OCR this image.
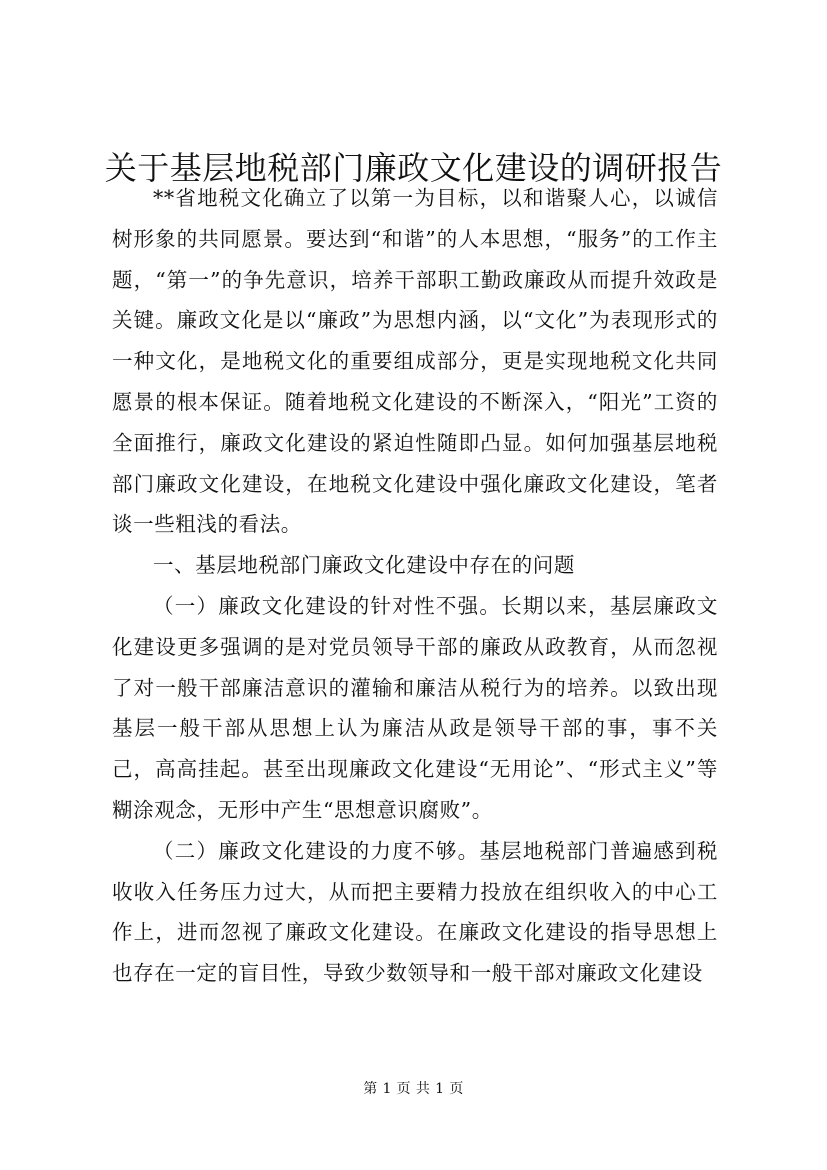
关于基层地税部门廉政文化建设的调研报告

**省地税文化确立了以第一为目标，以和谐聚人心，以诚信树形象的共同愿景。要达到“和谐”的人本思想，“服务”的工作主题，“第一”的争先意识，培养干部职工勤政廉政从而提升效政是关键。廉政文化是以“廉政”为思想内涵，以“文化”为表现形式的一种文化，是地税文化的重要组成部分，更是实现地税文化共同愿景的根本保证。随着地税文化建设的不断深入，“阳光”工资的全面推行，廉政文化建设的紧迫性随即凸显。如何加强基层地税部门廉政文化建设，在地税文化建设中强化廉政文化建设，笔者谈一些粗浅的看法。

一、基层地税部门廉政文化建设中存在的问题

（一）廉政文化建设的针对性不强。长期以来，基层廉政文化建设更多强调的是对党员领导干部的廉政从政教育，从而忽视了对一般干部廉洁意识的灌输和廉洁从税行为的培养。以致出现基层一般干部从思想上认为廉洁从政是领导干部的事，事不关己，高高挂起。甚至出现廉政文化建设“无用论”、“形式主义”等糊涂观念，无形中产生“思想意识腐败”。

（二）廉政文化建设的力度不够。基层地税部门普遍感到税收收入任务压力过大，从而把主要精力投放在组织收入的中心工作上，进而忽视了廉政文化建设。在廉政文化建设的指导思想上也存在一定的盲目性，导致少数领导和一般干部对廉政文化建设

第 1 页 共 1 页
